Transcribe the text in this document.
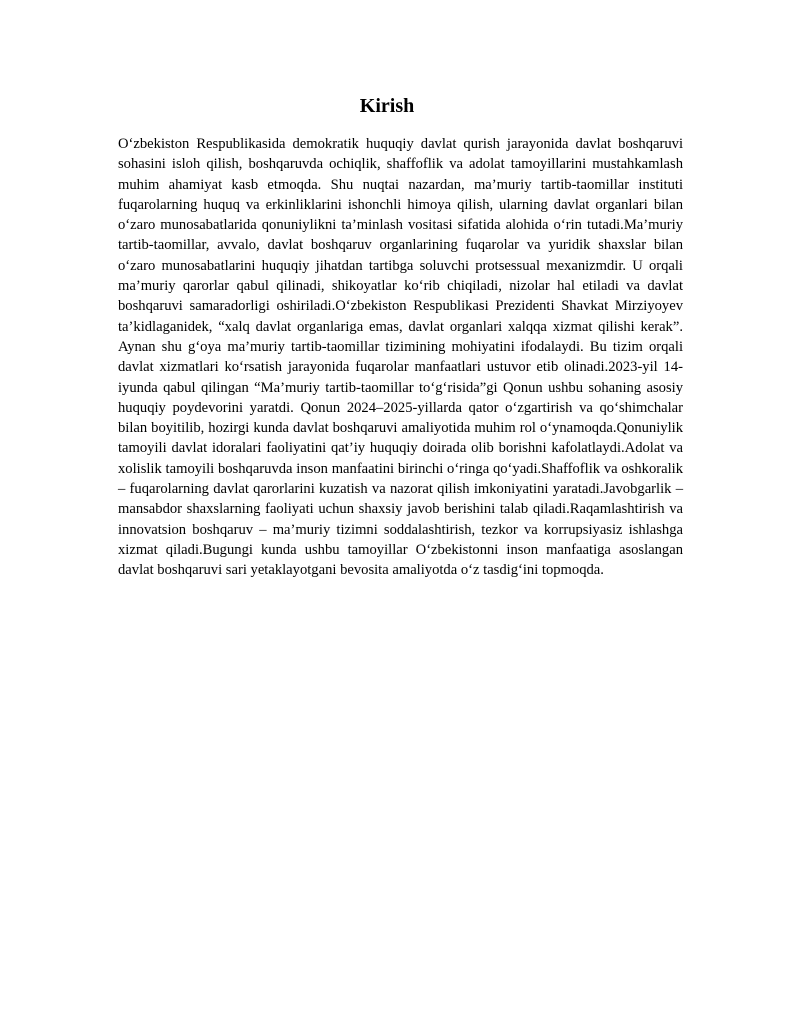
Kirish

O‘zbekiston Respublikasida demokratik huquqiy davlat qurish jarayonida davlat boshqaruvi sohasini isloh qilish, boshqaruvda ochiqlik, shaffoflik va adolat tamoyillarini mustahkamlash muhim ahamiyat kasb etmoqda. Shu nuqtai nazardan, ma’muriy tartib-taomillar instituti fuqarolarning huquq va erkinliklarini ishonchli himoya qilish, ularning davlat organlari bilan o‘zaro munosabatlarida qonuniylikni ta’minlash vositasi sifatida alohida o‘rin tutadi.Ma’muriy tartib-taomillar, avvalo, davlat boshqaruv organlarining fuqarolar va yuridik shaxslar bilan o‘zaro munosabatlarini huquqiy jihatdan tartibga soluvchi protsessual mexanizmdir. U orqali ma’muriy qarorlar qabul qilinadi, shikoyatlar ko‘rib chiqiladi, nizolar hal etiladi va davlat boshqaruvi samaradorligi oshiriladi.O‘zbekiston Respublikasi Prezidenti Shavkat Mirziyoyev ta’kidlaganidek, “xalq davlat organlariga emas, davlat organlari xalqqa xizmat qilishi kerak”. Aynan shu g‘oya ma’muriy tartib-taomillar tizimining mohiyatini ifodalaydi. Bu tizim orqali davlat xizmatlari ko‘rsatish jarayonida fuqarolar manfaatlari ustuvor etib olinadi.2023-yil 14-iyunda qabul qilingan “Ma’muriy tartib-taomillar to‘g‘risida”gi Qonun ushbu sohaning asosiy huquqiy poydevorini yaratdi. Qonun 2024–2025-yillarda qator o‘zgartirish va qo‘shimchalar bilan boyitilib, hozirgi kunda davlat boshqaruvi amaliyotida muhim rol o‘ynamoqda.Qonuniylik tamoyili davlat idoralari faoliyatini qat’iy huquqiy doirada olib borishni kafolatlaydi.Adolat va xolislik tamoyili boshqaruvda inson manfaatini birinchi o‘ringa qo‘yadi.Shaffoflik va oshkoralik – fuqarolarning davlat qarorlarini kuzatish va nazorat qilish imkoniyatini yaratadi.Javobgarlik – mansabdor shaxslarning faoliyati uchun shaxsiy javob berishini talab qiladi.Raqamlashtirish va innovatsion boshqaruv – ma’muriy tizimni soddalashtirish, tezkor va korrupsiyasiz ishlashga xizmat qiladi.Bugungi kunda ushbu tamoyillar O‘zbekistonni inson manfaatiga asoslangan davlat boshqaruvi sari yetaklayotgani bevosita amaliyotda o‘z tasdig‘ini topmoqda.
